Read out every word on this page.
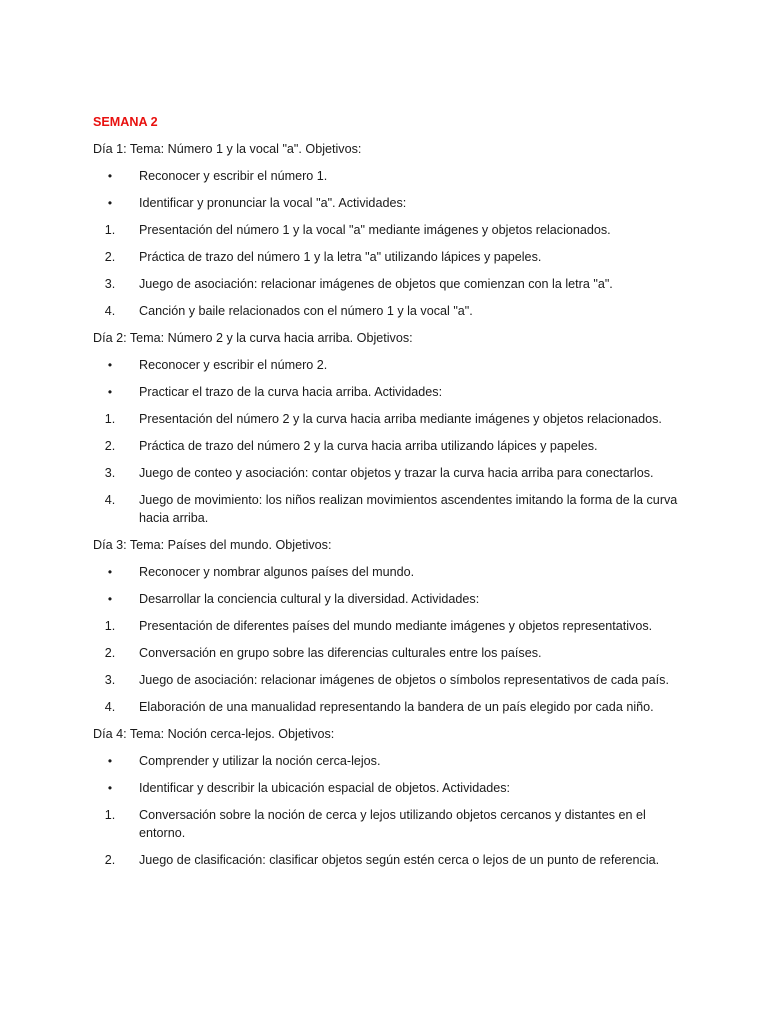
SEMANA 2
Día 1: Tema: Número 1 y la vocal "a". Objetivos:
•	Reconocer y escribir el número 1.
•	Identificar y pronunciar la vocal "a". Actividades:
1.	Presentación del número 1 y la vocal "a" mediante imágenes y objetos relacionados.
2.	Práctica de trazo del número 1 y la letra "a" utilizando lápices y papeles.
3.	Juego de asociación: relacionar imágenes de objetos que comienzan con la letra "a".
4.	Canción y baile relacionados con el número 1 y la vocal "a".
Día 2: Tema: Número 2 y la curva hacia arriba. Objetivos:
•	Reconocer y escribir el número 2.
•	Practicar el trazo de la curva hacia arriba. Actividades:
1.	Presentación del número 2 y la curva hacia arriba mediante imágenes y objetos relacionados.
2.	Práctica de trazo del número 2 y la curva hacia arriba utilizando lápices y papeles.
3.	Juego de conteo y asociación: contar objetos y trazar la curva hacia arriba para conectarlos.
4.	Juego de movimiento: los niños realizan movimientos ascendentes imitando la forma de la curva hacia arriba.
Día 3: Tema: Países del mundo. Objetivos:
•	Reconocer y nombrar algunos países del mundo.
•	Desarrollar la conciencia cultural y la diversidad. Actividades:
1.	Presentación de diferentes países del mundo mediante imágenes y objetos representativos.
2.	Conversación en grupo sobre las diferencias culturales entre los países.
3.	Juego de asociación: relacionar imágenes de objetos o símbolos representativos de cada país.
4.	Elaboración de una manualidad representando la bandera de un país elegido por cada niño.
Día 4: Tema: Noción cerca-lejos. Objetivos:
•	Comprender y utilizar la noción cerca-lejos.
•	Identificar y describir la ubicación espacial de objetos. Actividades:
1.	Conversación sobre la noción de cerca y lejos utilizando objetos cercanos y distantes en el entorno.
2.	Juego de clasificación: clasificar objetos según estén cerca o lejos de un punto de referencia.
